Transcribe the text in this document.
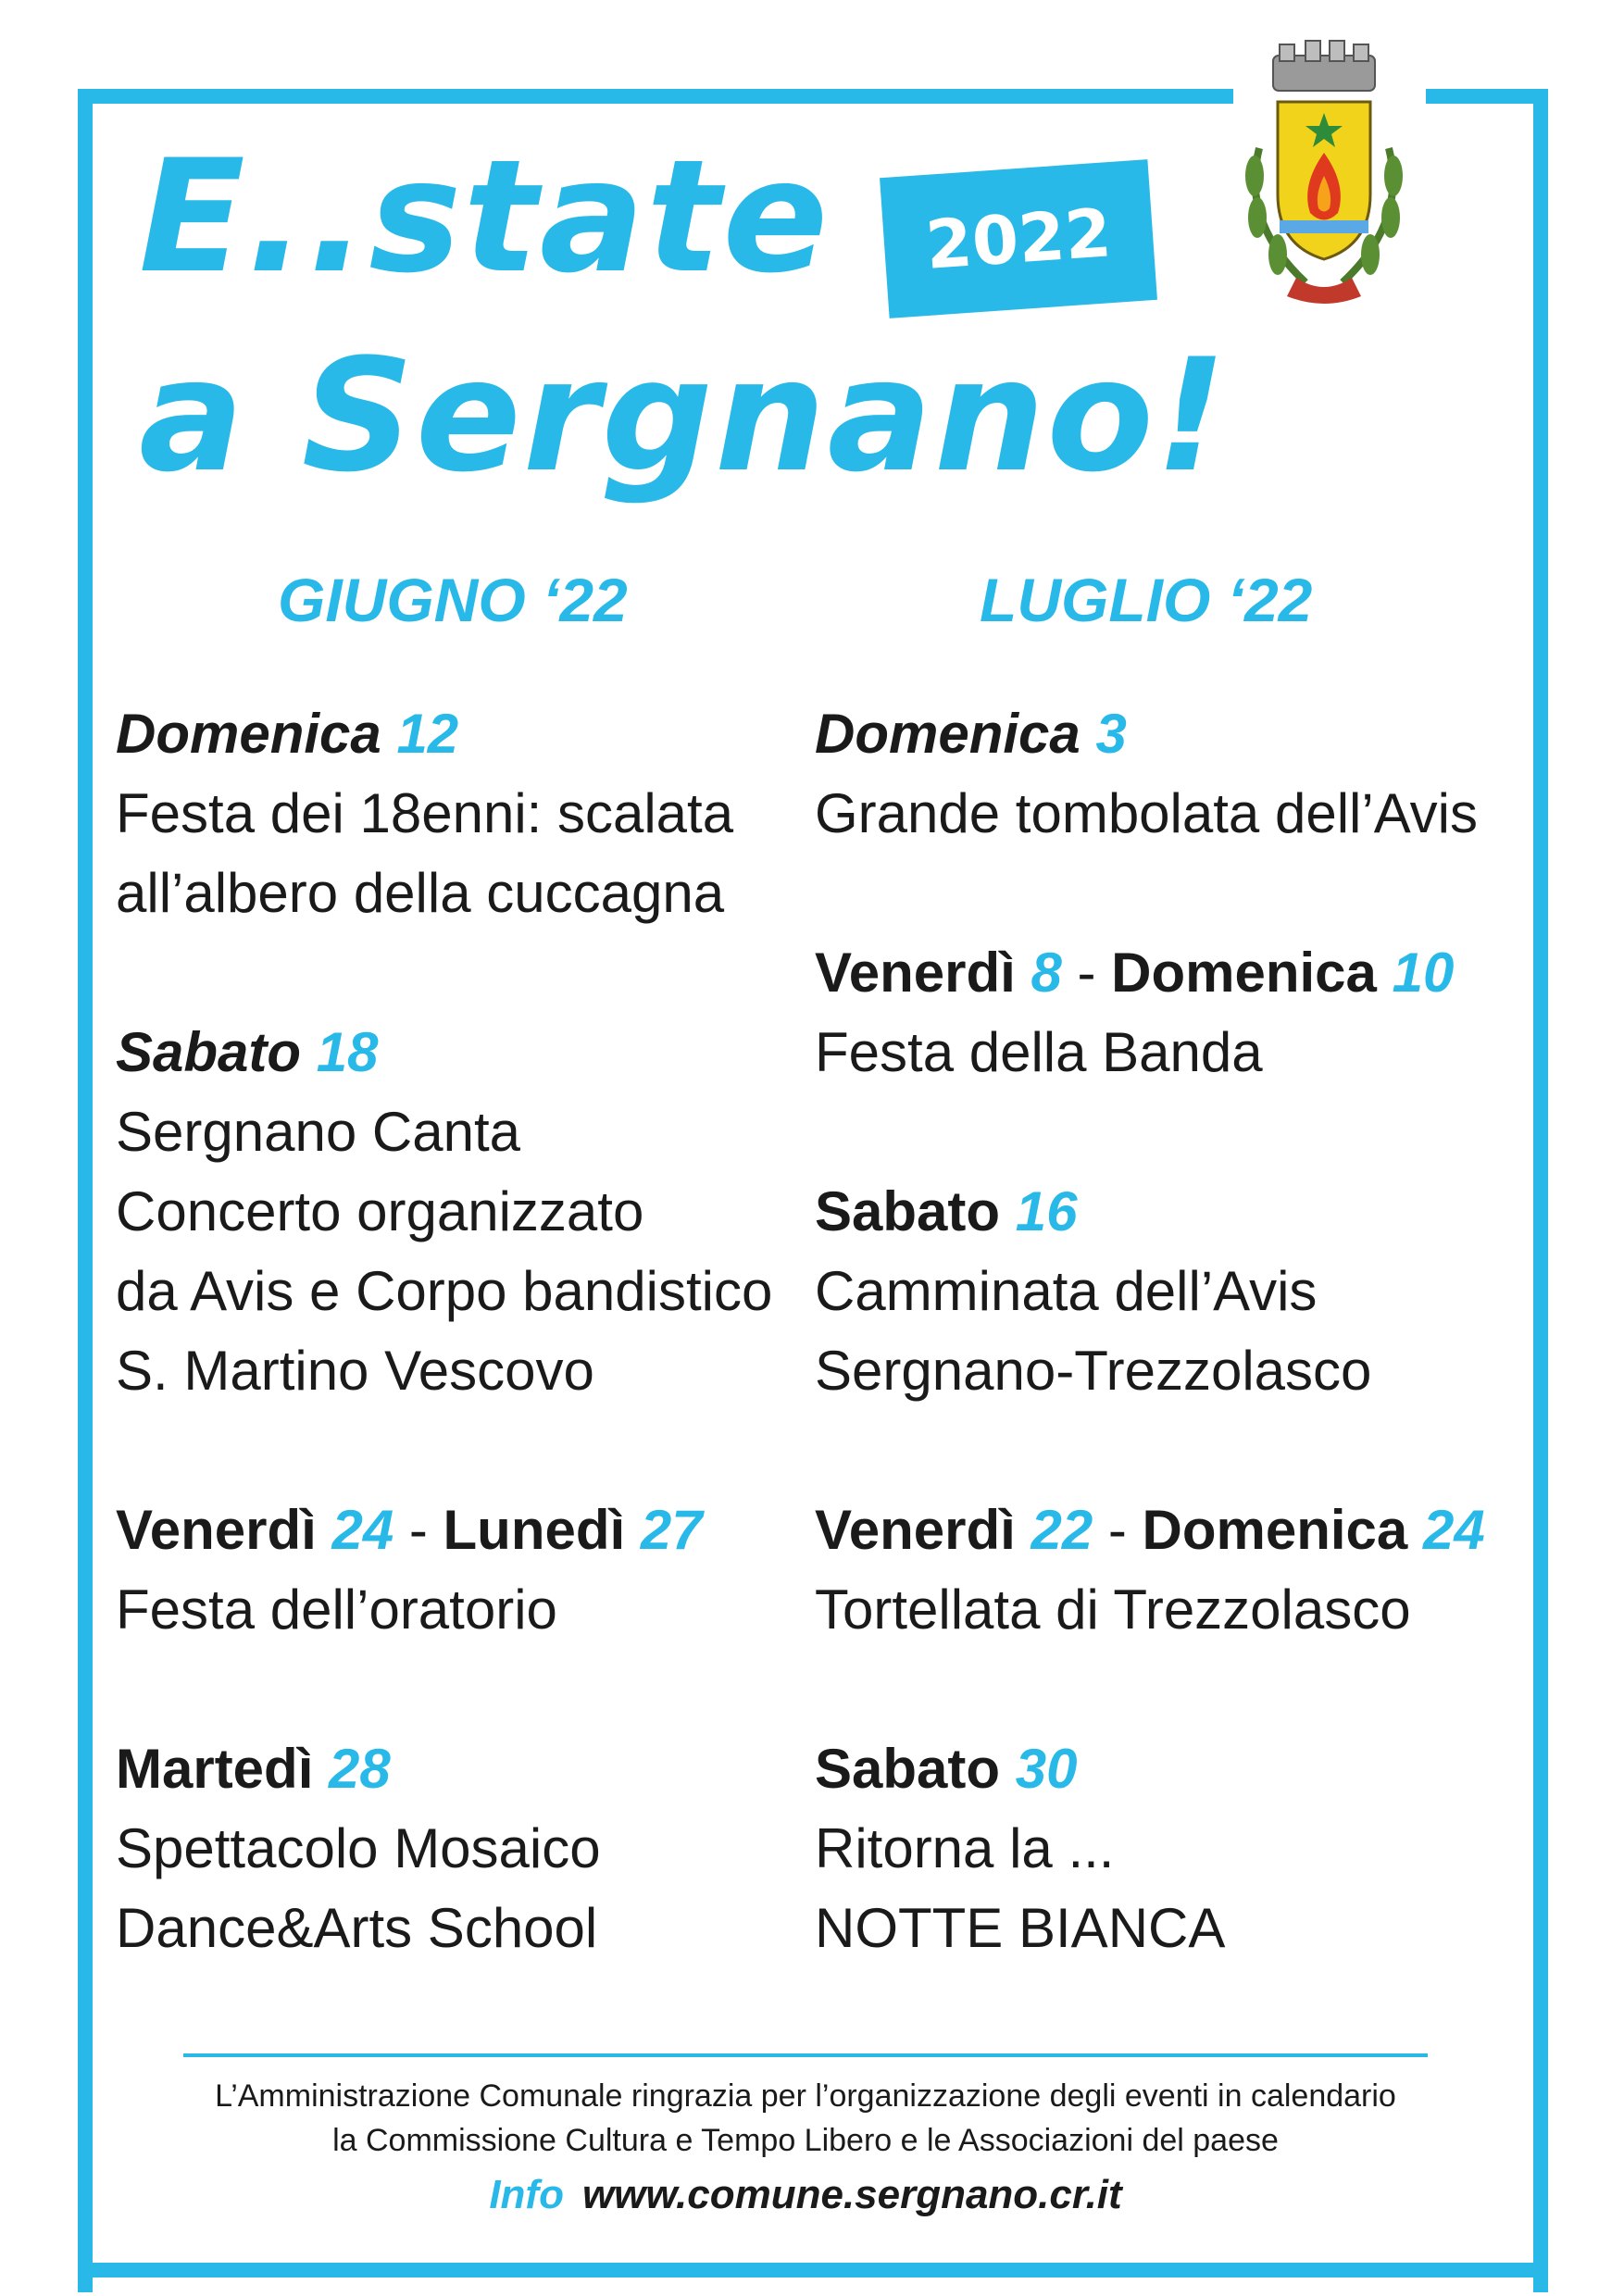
E..state
a Sergnano!
2022
GIUGNO ‘22	LUGLIO ‘22
Domenica 12
Festa dei 18enni: scalata
all’albero della cuccagna
Sabato 18
Sergnano Canta
Concerto organizzato
da Avis e Corpo bandistico
S. Martino Vescovo
Venerdì 24 - Lunedì 27
Festa dell’oratorio
Martedì 28
Spettacolo Mosaico
Dance&Arts School
Domenica 3
Grande tombolata dell’Avis
Venerdì 8 - Domenica 10
Festa della Banda
Sabato 16
Camminata dell’Avis
Sergnano-Trezzolasco
Venerdì 22 - Domenica 24
Tortellata di Trezzolasco
Sabato 30
Ritorna la ...
NOTTE BIANCA
L’Amministrazione Comunale ringrazia per l’organizzazione degli eventi in calendario
la Commissione Cultura e Tempo Libero e le Associazioni del paese
Info www.comune.sergnano.cr.it
